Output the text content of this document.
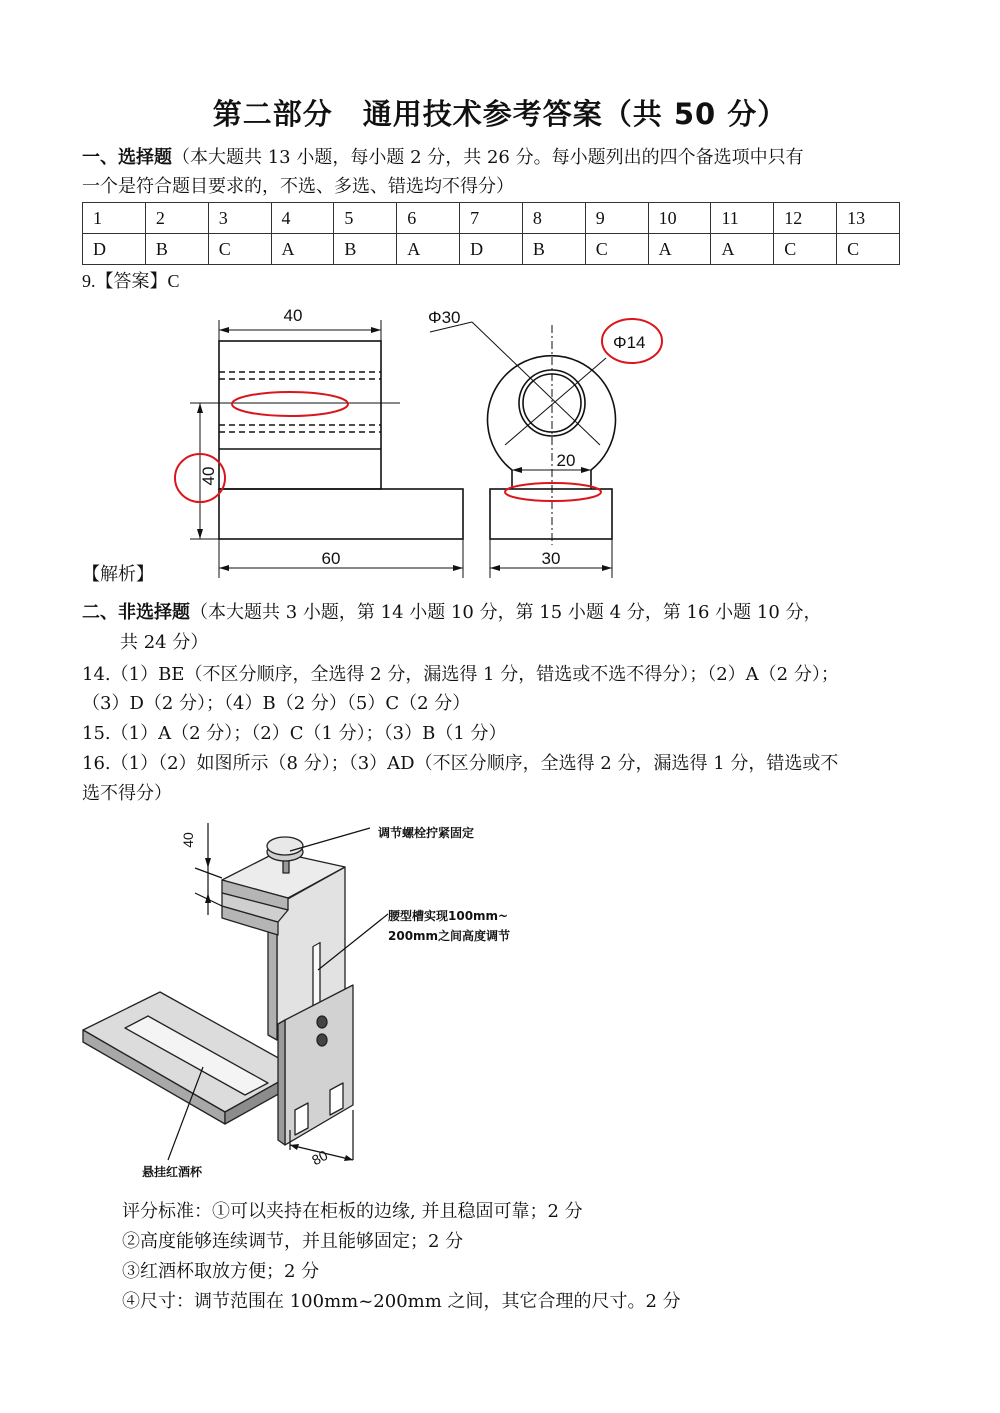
第二部分　通用技术参考答案（共 50 分）
一、选择题（本大题共 13 小题，每小题 2 分，共 26 分。每小题列出的四个备选项中只有
一个是符合题目要求的，不选、多选、错选均不得分）
1	2	3	4	5	6	7	8	9	10	11	12	13
D	B	C	A	B	A	D	B	C	A	A	C	C
9.【答案】C
40	Φ30
Φ14
40
20
60	30
【解析】
二、非选择题（本大题共 3 小题，第 14 小题 10 分，第 15 小题 4 分，第 16 小题 10 分，
共 24 分）
14.（1）BE（不区分顺序，全选得 2 分，漏选得 1 分，错选或不选不得分）；（2）A（2 分）；
（3）D（2 分）；（4）B（2 分）（5）C（2 分）
15.（1）A（2 分）；（2）C（1 分）；（3）B（1 分）
16.（1）（2）如图所示（8 分）；（3）AD（不区分顺序，全选得 2 分，漏选得 1 分，错选或不
选不得分）
40
80
调节螺栓拧紧固定
腰型槽实现100mm~
200mm之间高度调节
悬挂红酒杯
评分标准：①可以夹持在柜板的边缘, 并且稳固可靠；2 分
②高度能够连续调节，并且能够固定；2 分
③红酒杯取放方便；2 分
④尺寸：调节范围在 100mm~200mm 之间，其它合理的尺寸。2 分
